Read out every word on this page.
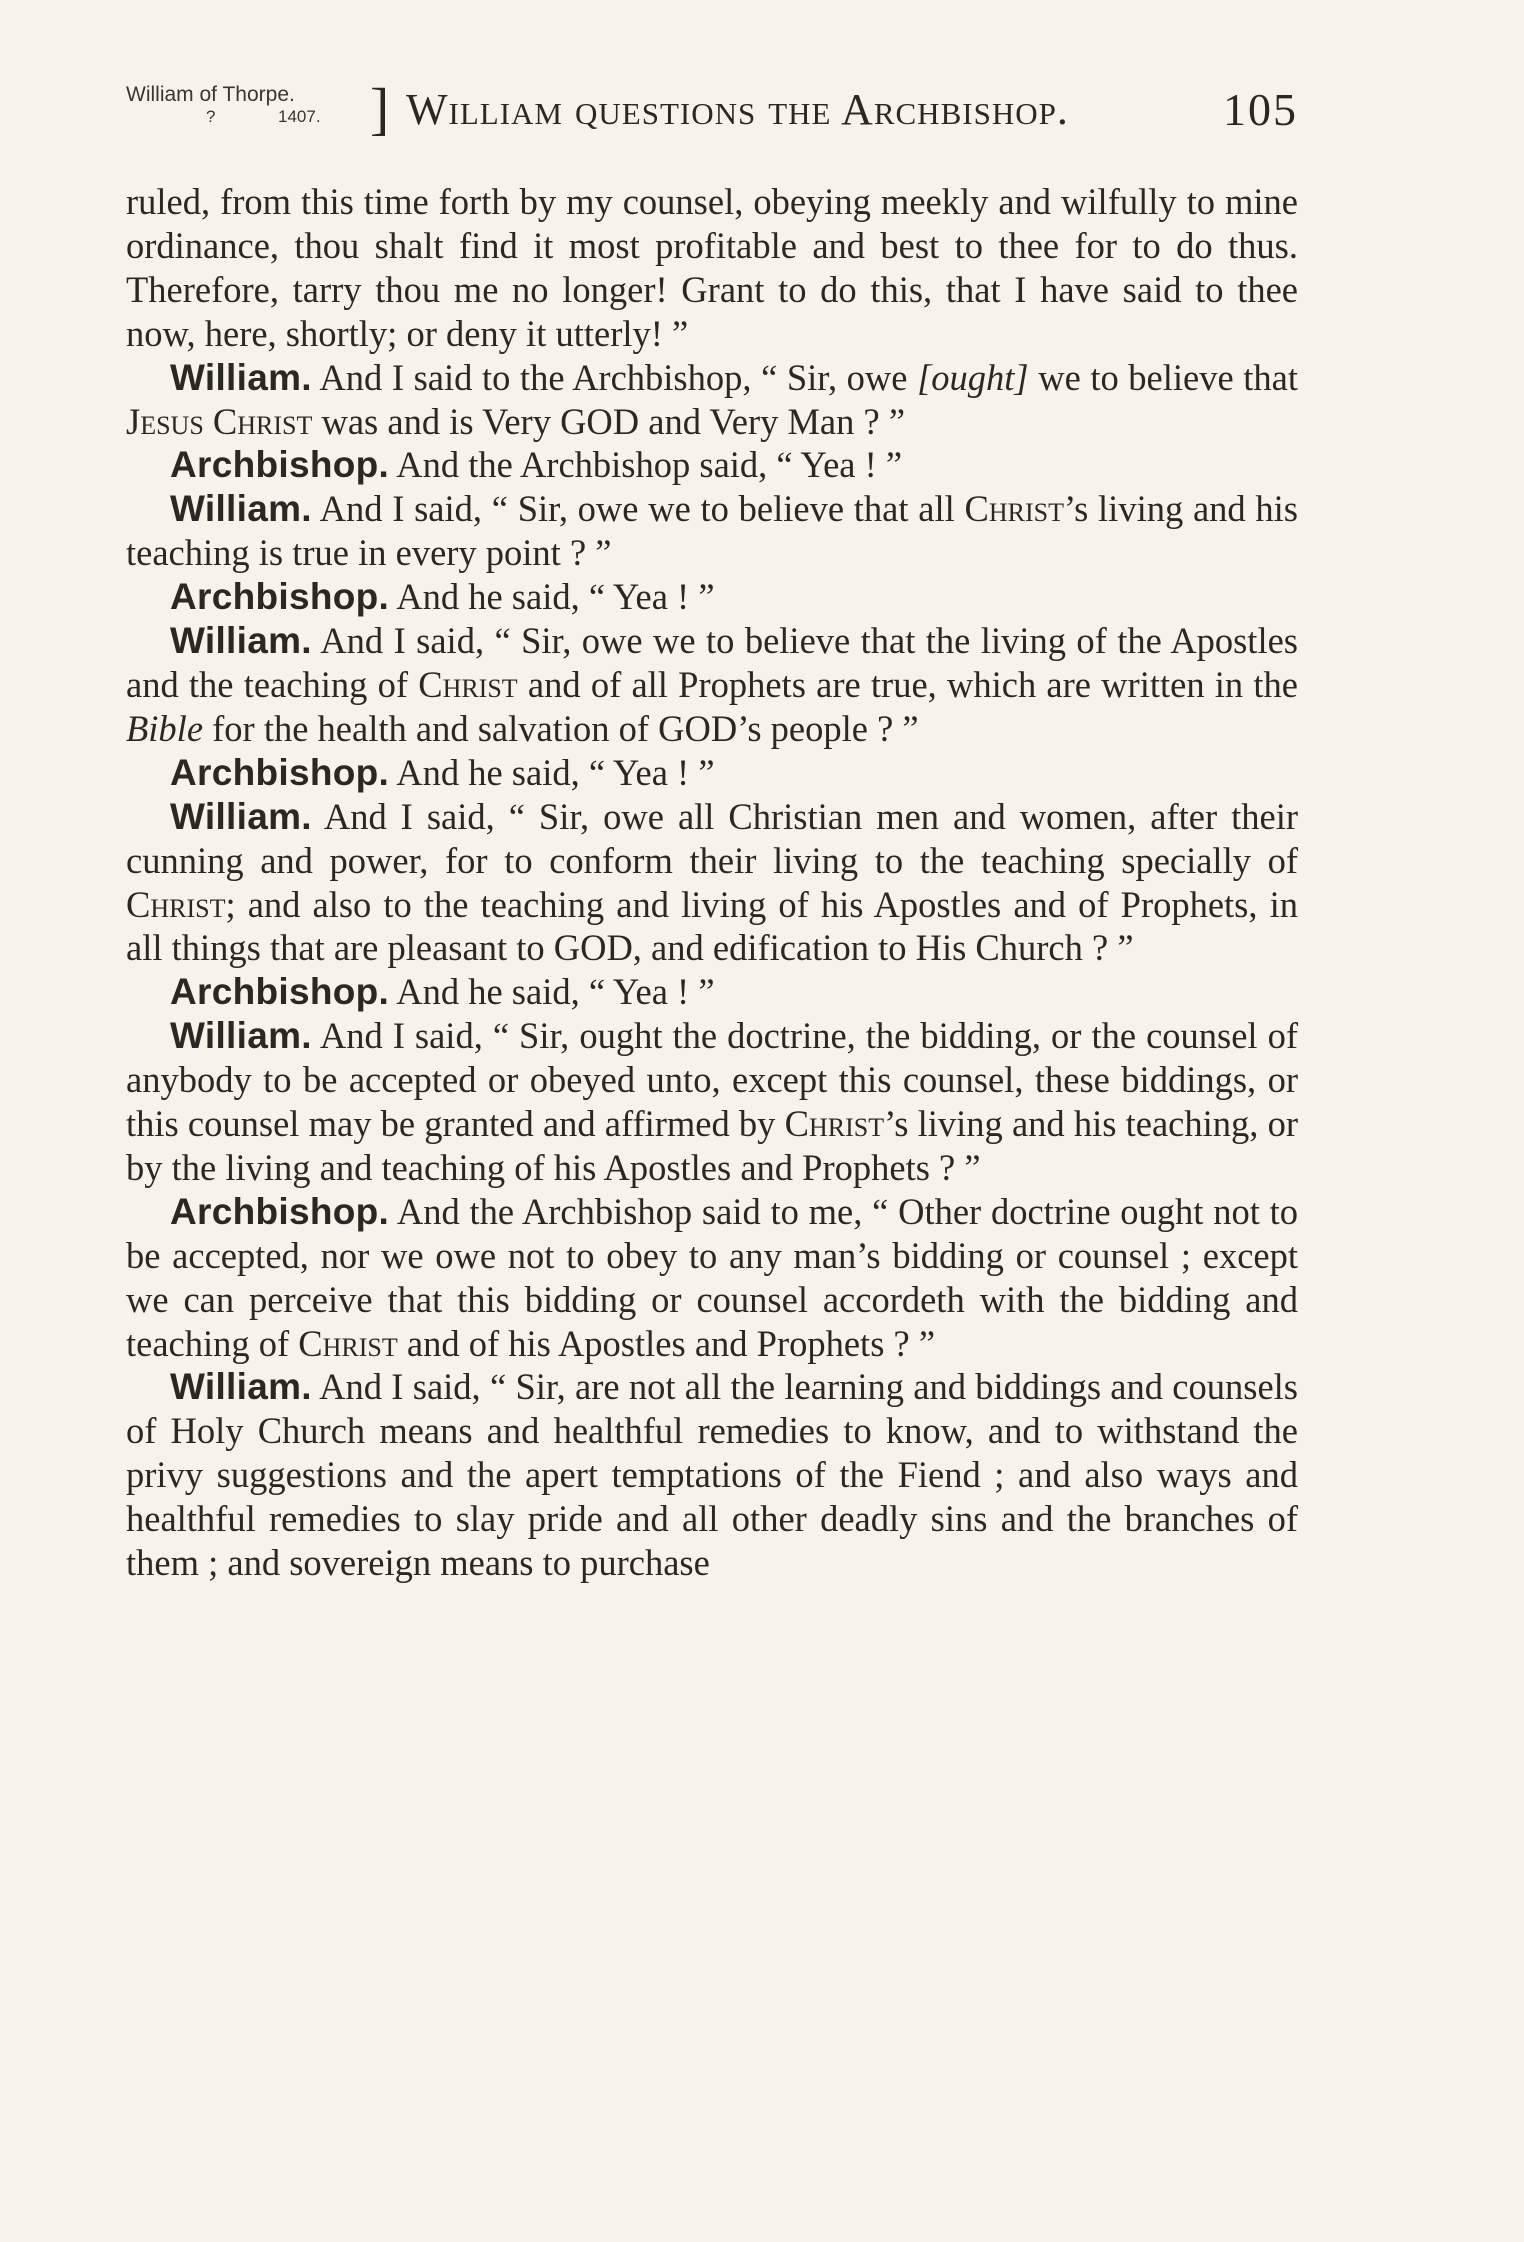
William of Thorpe.
?	1407. ] William questions the Archbishop.	105

ruled, from this time forth by my counsel, obeying meekly and wilfully to mine ordinance, thou shalt find it most profitable and best to thee for to do thus. Therefore, tarry thou me no longer! Grant to do this, that I have said to thee now, here, shortly; or deny it utterly! ”

William. And I said to the Archbishop, “ Sir, owe [ought] we to believe that Jesus Christ was and is Very GOD and Very Man ? ”

Archbishop. And the Archbishop said, “ Yea ! ”

William. And I said, “ Sir, owe we to believe that all Christ’s living and his teaching is true in every point ? ”

Archbishop. And he said, “ Yea ! ”

William. And I said, “ Sir, owe we to believe that the living of the Apostles and the teaching of Christ and of all Prophets are true, which are written in the Bible for the health and salvation of GOD’s people ? ”

Archbishop. And he said, “ Yea ! ”

William. And I said, “ Sir, owe all Christian men and women, after their cunning and power, for to conform their living to the teaching specially of Christ; and also to the teaching and living of his Apostles and of Prophets, in all things that are pleasant to GOD, and edification to His Church ? ”

Archbishop. And he said, “ Yea ! ”

William. And I said, “ Sir, ought the doctrine, the bidding, or the counsel of anybody to be accepted or obeyed unto, except this counsel, these biddings, or this counsel may be granted and affirmed by Christ’s living and his teaching, or by the living and teaching of his Apostles and Prophets ? ”

Archbishop. And the Archbishop said to me, “ Other doctrine ought not to be accepted, nor we owe not to obey to any man’s bidding or counsel ; except we can perceive that this bidding or counsel accordeth with the bidding and teaching of Christ and of his Apostles and Prophets ? ”

William. And I said, “ Sir, are not all the learning and biddings and counsels of Holy Church means and healthful remedies to know, and to withstand the privy suggestions and the apert temptations of the Fiend ; and also ways and healthful remedies to slay pride and all other deadly sins and the branches of them ; and sovereign means to purchase
